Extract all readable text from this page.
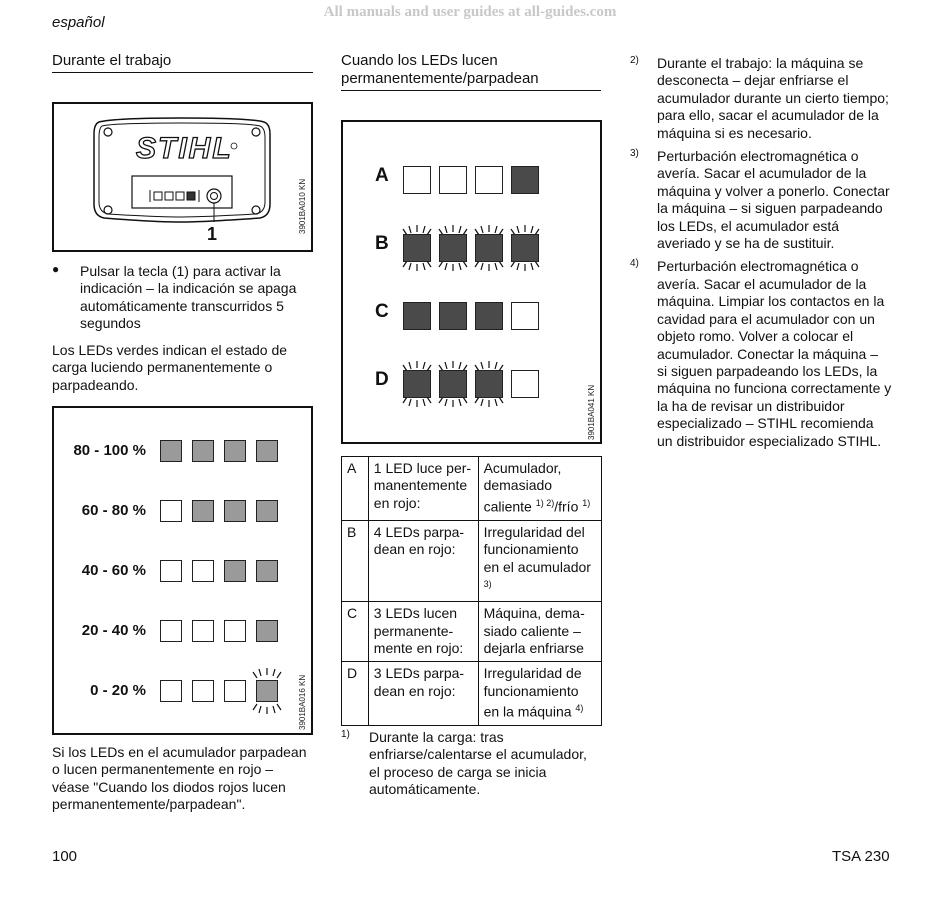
All manuals and user guides at all-guides.com
español
Durante el trabajo
STIHL
1	3901BA010 KN
● Pulsar la tecla (1) para activar la indicación – la indicación se apaga automáticamente transcurridos 5 segundos
Los LEDs verdes indican el estado de carga luciendo permanentemente o parpadeando.
3901BA016 KN
80 - 100 %
60 - 80 %
40 - 60 %
20 - 40 %
0 - 20 %
Si los LEDs en el acumulador parpadean o lucen permanentemente en rojo – véase "Cuando los diodos rojos lucen permanentemente/parpadean".
Cuando los LEDs lucen
permanentemente/parpadean
3901BA041 KN
A
B
C
D
A	1 LED luce per-manentemente en rojo:	Acumulador, demasiado caliente $^{1) 2)}$/frío $^{1)}$
B	4 LEDs parpa-dean en rojo:	Irregularidad del funcionamiento en el acumulador $^{3)}$
C	3 LEDs lucen permanente-mente en rojo:	Máquina, dema-siado caliente – dejarla enfriarse
D	3 LEDs parpa-dean en rojo:	Irregularidad de funcionamiento en la máquina $^{4)}$
1) Durante la carga: tras enfriarse/calentarse el acumulador, el proceso de carga se inicia automáticamente.
2) Durante el trabajo: la máquina se desconecta – dejar enfriarse el acumulador durante un cierto tiempo; para ello, sacar el acumulador de la máquina si es necesario.
3) Perturbación electromagnética o avería. Sacar el acumulador de la máquina y volver a ponerlo. Conectar la máquina – si siguen parpadeando los LEDs, el acumulador está averiado y se ha de sustituir.
4) Perturbación electromagnética o avería. Sacar el acumulador de la máquina. Limpiar los contactos en la cavidad para el acumulador con un objeto romo. Volver a colocar el acumulador. Conectar la máquina – si siguen parpadeando los LEDs, la máquina no funciona correctamente y la ha de revisar un distribuidor especializado – STIHL recomienda un distribuidor especializado STIHL.
100	TSA 230
